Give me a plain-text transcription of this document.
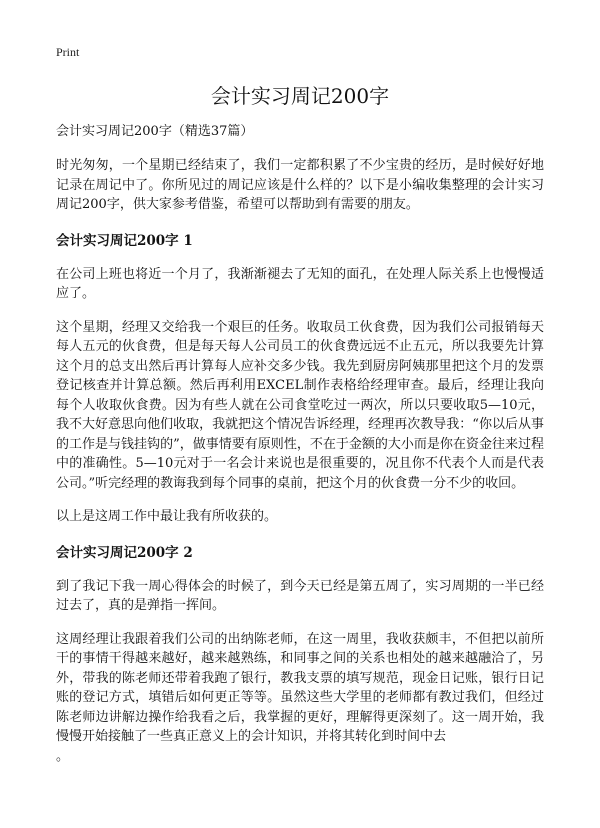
Print
会计实习周记200字

会计实习周记200字（精选37篇）

时光匆匆，一个星期已经结束了，我们一定都积累了不少宝贵的经历，是时候好好地记录在周记中了。你所见过的周记应该是什么样的？以下是小编收集整理的会计实习周记200字，供大家参考借鉴，希望可以帮助到有需要的朋友。

会计实习周记200字 1

在公司上班也将近一个月了，我渐渐褪去了无知的面孔，在处理人际关系上也慢慢适应了。

这个星期，经理又交给我一个艰巨的任务。收取员工伙食费，因为我们公司报销每天每人五元的伙食费，但是每天每人公司员工的伙食费远远不止五元，所以我要先计算这个月的总支出然后再计算每人应补交多少钱。我先到厨房阿姨那里把这个月的发票登记核查并计算总额。然后再利用EXCEL制作表格给经理审查。最后，经理让我向每个人收取伙食费。因为有些人就在公司食堂吃过一两次，所以只要收取5—10元，我不大好意思向他们收取，我就把这个情况告诉经理，经理再次教导我：“你以后从事的工作是与钱挂钩的”，做事情要有原则性，不在于金额的大小而是你在资金往来过程中的准确性。5—10元对于一名会计来说也是很重要的，况且你不代表个人而是代表公司。”听完经理的教诲我到每个同事的桌前，把这个月的伙食费一分不少的收回。

以上是这周工作中最让我有所收获的。

会计实习周记200字 2

到了我记下我一周心得体会的时候了，到今天已经是第五周了，实习周期的一半已经过去了，真的是弹指一挥间。

这周经理让我跟着我们公司的出纳陈老师，在这一周里，我收获颇丰，不但把以前所干的事情干得越来越好，越来越熟练，和同事之间的关系也相处的越来越融洽了，另外，带我的陈老师还带着我跑了银行，教我支票的填写规范，现金日记账，银行日记账的登记方式，填错后如何更正等等。虽然这些大学里的老师都有教过我们，但经过陈老师边讲解边操作给我看之后，我掌握的更好，理解得更深刻了。这一周开始，我慢慢开始接触了一些真正意义上的会计知识，并将其转化到时间中去

。
